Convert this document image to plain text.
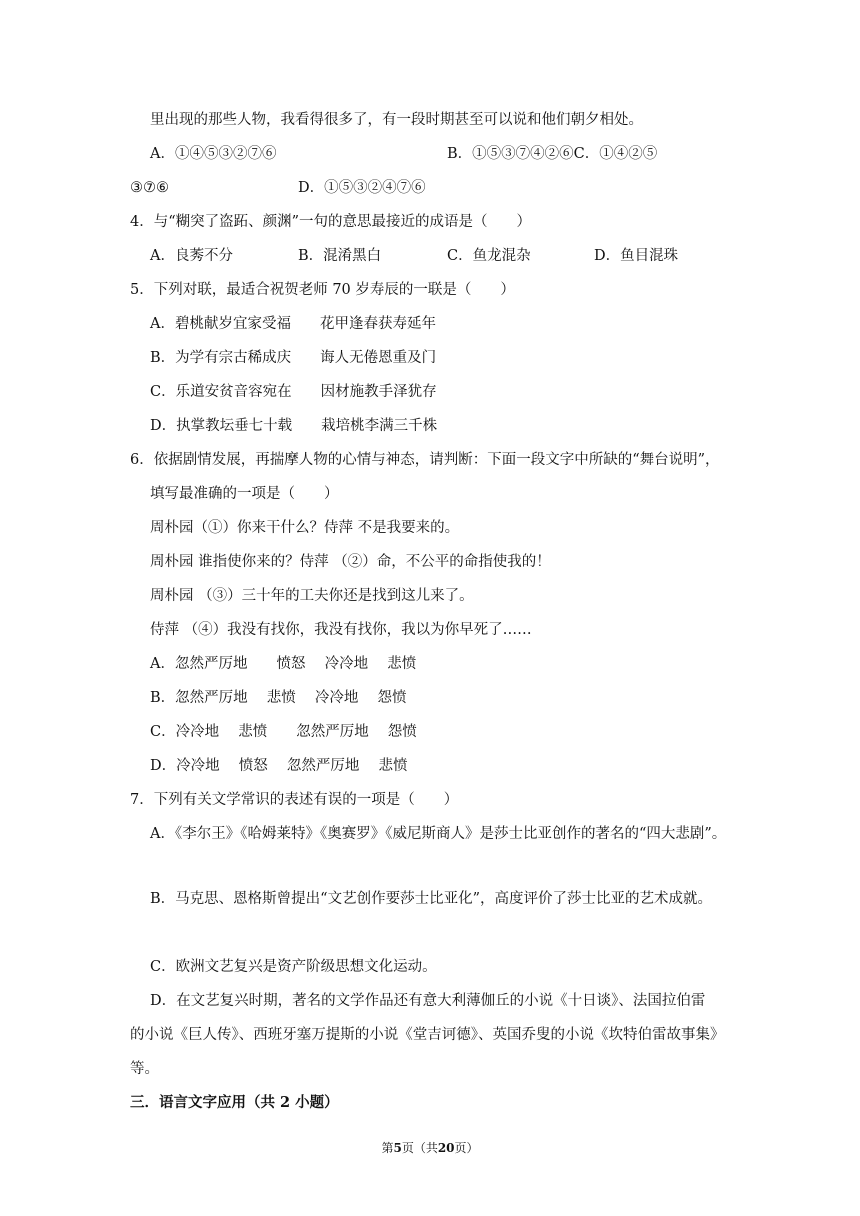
里出现的那些人物，我看得很多了，有一段时期甚至可以说和他们朝夕相处。
A．①④⑤③②⑦⑥	B．①⑤③⑦④②⑥C．①④②⑤
③⑦⑥	D．①⑤③②④⑦⑥
4．与“糊突了盗跖、颜渊”一句的意思最接近的成语是（　　）
A．良莠不分	B．混淆黑白	C．鱼龙混杂	D．鱼目混珠
5．下列对联，最适合祝贺老师 70 岁寿辰的一联是（　　）
A．碧桃献岁宜家受福　　花甲逢春获寿延年
B．为学有宗古稀成庆　　诲人无倦恩重及门
C．乐道安贫音容宛在　　因材施教手泽犹存
D．执掌教坛垂七十载　　栽培桃李满三千株
6．依据剧情发展，再揣摩人物的心情与神态，请判断：下面一段文字中所缺的“舞台说明”，
填写最准确的一项是（　　）
周朴园（①）你来干什么？侍萍 不是我要来的。
周朴园 谁指使你来的？侍萍 （②）命，不公平的命指使我的！
周朴园 （③）三十年的工夫你还是找到这儿来了。
侍萍 （④）我没有找你，我没有找你，我以为你早死了……
A．忽然严厉地　　愤怒　 冷冷地　 悲愤
B．忽然严厉地　 悲愤　 冷冷地　 怨愤
C．冷冷地　 悲愤　　忽然严厉地　 怨愤
D．冷冷地　 愤怒　 忽然严厉地　 悲愤
7．下列有关文学常识的表述有误的一项是（　　）
A．《李尔王》《哈姆莱特》《奥赛罗》《威尼斯商人》是莎士比亚创作的著名的“四大悲剧”。
B．马克思、恩格斯曾提出“文艺创作要莎士比亚化”，高度评价了莎士比亚的艺术成就。
C．欧洲文艺复兴是资产阶级思想文化运动。
D．在文艺复兴时期，著名的文学作品还有意大利薄伽丘的小说《十日谈》、法国拉伯雷
的小说《巨人传》、西班牙塞万提斯的小说《堂吉诃德》、英国乔叟的小说《坎特伯雷故事集》
等。
三．语言文字应用（共 2 小题）
第5页（共20页）
